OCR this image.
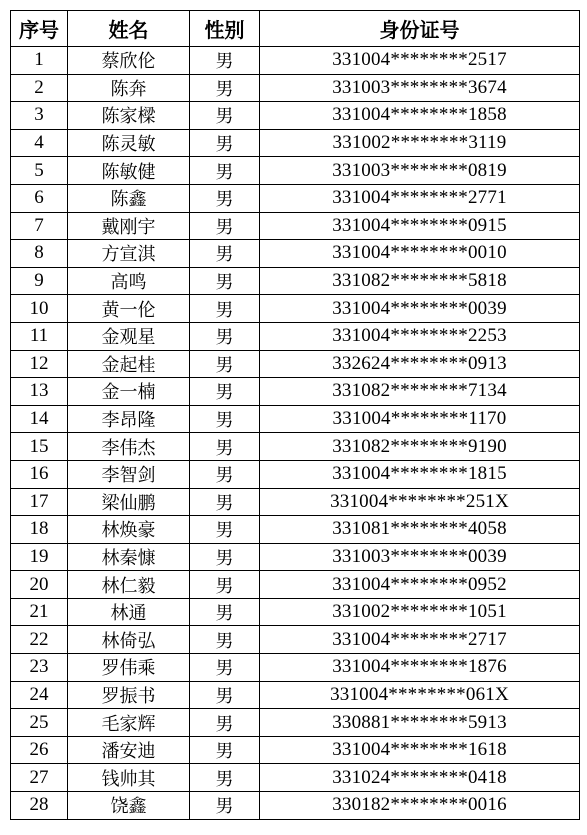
序号	姓名	性别	身份证号
1	蔡欣伦	男	331004********2517
2	陈奔	男	331003********3674
3	陈家樑	男	331004********1858
4	陈灵敏	男	331002********3119
5	陈敏健	男	331003********0819
6	陈鑫	男	331004********2771
7	戴刚宇	男	331004********0915
8	方宣淇	男	331004********0010
9	高鸣	男	331082********5818
10	黄一伦	男	331004********0039
11	金观星	男	331004********2253
12	金起桂	男	332624********0913
13	金一楠	男	331082********7134
14	李昂隆	男	331004********1170
15	李伟杰	男	331082********9190
16	李智剑	男	331004********1815
17	梁仙鹏	男	331004********251X
18	林焕豪	男	331081********4058
19	林秦慷	男	331003********0039
20	林仁毅	男	331004********0952
21	林通	男	331002********1051
22	林倚弘	男	331004********2717
23	罗伟乘	男	331004********1876
24	罗振书	男	331004********061X
25	毛家辉	男	330881********5913
26	潘安迪	男	331004********1618
27	钱帅其	男	331024********0418
28	饶鑫	男	330182********0016
